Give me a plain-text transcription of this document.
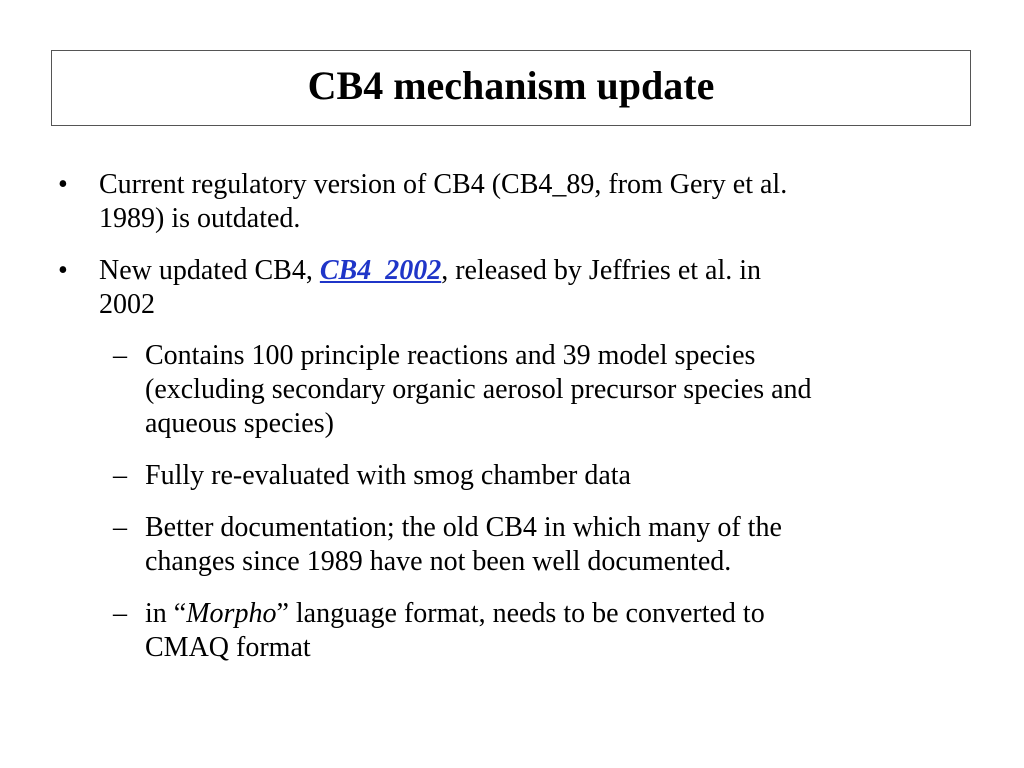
CB4 mechanism update
• Current regulatory version of CB4 (CB4_89, from Gery et al.
1989) is outdated.
• New updated CB4, CB4_2002, released by Jeffries et al. in
2002
– Contains 100 principle reactions and 39 model species
(excluding secondary organic aerosol precursor species and
aqueous species)
– Fully re-evaluated with smog chamber data
– Better documentation; the old CB4 in which many of the
changes since 1989 have not been well documented.
– in “Morpho” language format, needs to be converted to
CMAQ format
